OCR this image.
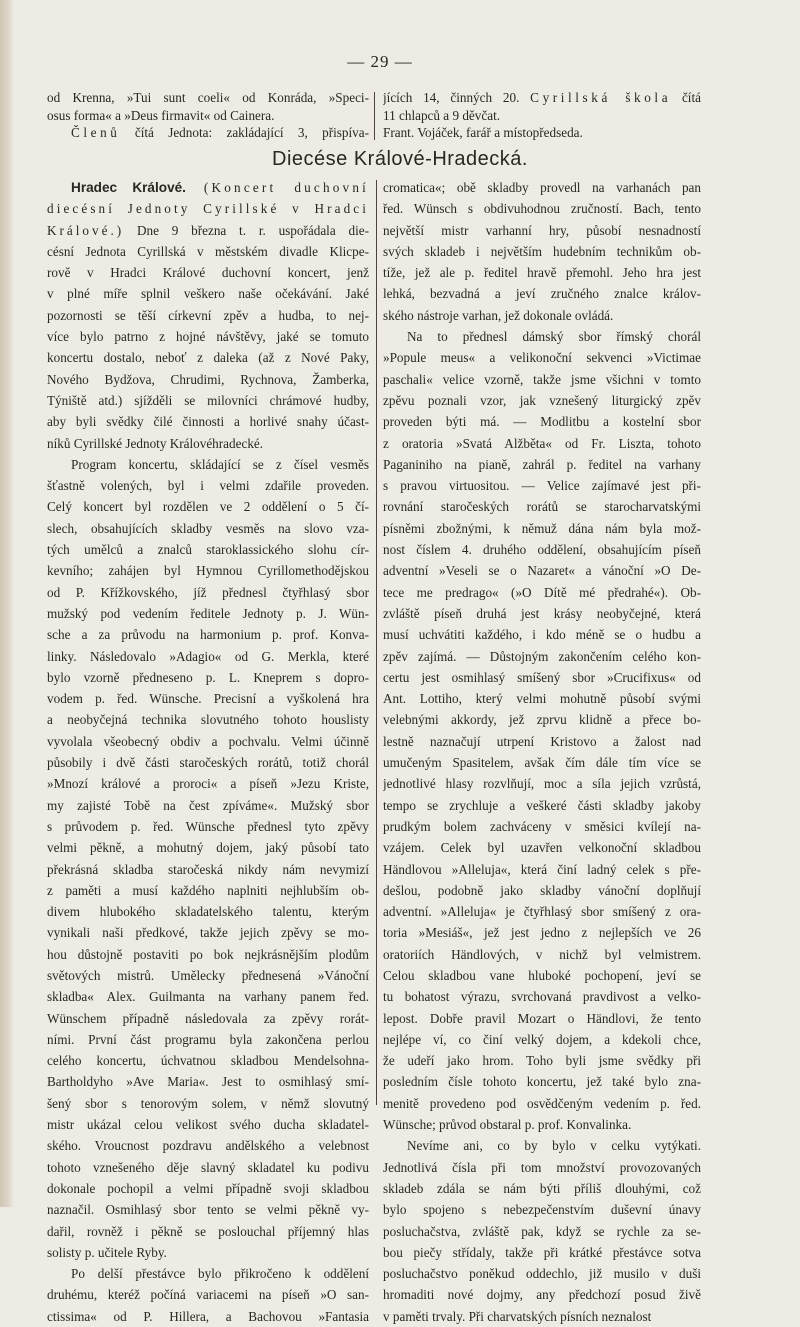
— 29 —
od Krenna, »Tui sunt coeli« od Konráda, »Speci-
osus forma« a »Deus firmavit« od Cainera.
Členů čítá Jednota: zakládající 3, přispíva-
jících 14, činných 20. Cyrillská škola čítá
11 chlapců a 9 děvčat.
Frant. Vojáček, farář a místopředseda.
Diecése Králové-Hradecká.
Hradec Králové. (Koncert duchovní
diecésní Jednoty Cyrillské v Hradci
Králové.) Dne 9 března t. r. uspořádala die-
césní Jednota Cyrillská v městském divadle Klicpe-
rově v Hradci Králové duchovní koncert, jenž
v plné míře splnil veškero naše očekávání. Jaké
pozornosti se těší církevní zpěv a hudba, to nej-
více bylo patrno z hojné návštěvy, jaké se tomuto
koncertu dostalo, neboť z daleka (až z Nové Paky,
Nového Bydžova, Chrudimi, Rychnova, Žamberka,
Týniště atd.) sjížděli se milovníci chrámové hudby,
aby byli svědky čilé činnosti a horlivé snahy účast-
níků Cyrillské Jednoty Královéhradecké.
Program koncertu, skládající se z čísel vesměs
šťastně volených, byl i velmi zdařile proveden.
Celý koncert byl rozdělen ve 2 oddělení o 5 čí-
slech, obsahujících skladby vesměs na slovo vza-
tých umělců a znalců staroklassického slohu cír-
kevního; zahájen byl Hymnou Cyrillomethodějskou
od P. Křížkovského, jíž přednesl čtyřhlasý sbor
mužský pod vedením ředitele Jednoty p. J. Wün-
sche a za průvodu na harmonium p. prof. Konva-
linky. Následovalo »Adagio« od G. Merkla, které
bylo vzorně předneseno p. L. Kneprem s dopro-
vodem p. řed. Wünsche. Precisní a vyškolená hra
a neobyčejná technika slovutného tohoto houslisty
vyvolala všeobecný obdiv a pochvalu. Velmi účinně
působily i dvě části staročeských rorátů, totiž chorál
»Mnozí králové a proroci« a píseň »Jezu Kriste,
my zajisté Tobě na čest zpíváme«. Mužský sbor
s průvodem p. řed. Wünsche přednesl tyto zpěvy
velmi pěkně, a mohutný dojem, jaký působí tato
překrásná skladba staročeská nikdy nám nevymizí
z paměti a musí každého naplniti nejhlubším ob-
divem hlubokého skladatelského talentu, kterým
vynikali naši předkové, takže jejich zpěvy se mo-
hou důstojně postaviti po bok nejkrásnějším plodům
světových mistrů. Umělecky přednesená »Vánoční
skladba« Alex. Guilmanta na varhany panem řed.
Wünschem případně následovala za zpěvy rorát-
ními. První část programu byla zakončena perlou
celého koncertu, úchvatnou skladbou Mendelsohna-
Bartholdyho »Ave Maria«. Jest to osmihlasý smí-
šený sbor s tenorovým solem, v němž slovutný
mistr ukázal celou velikost svého ducha skladatel-
ského. Vroucnost pozdravu andělského a velebnost
tohoto vznešeného děje slavný skladatel ku podivu
dokonale pochopil a velmi případně svoji skladbou
naznačil. Osmihlasý sbor tento se velmi pěkně vy-
dařil, rovněž i pěkně se poslouchal příjemný hlas
solisty p. učitele Ryby.
Po delší přestávce bylo přikročeno k oddělení
druhému, kteréž počíná variacemi na píseň »O san-
ctissima« od P. Hillera, a Bachovou »Fantasia
cromatica«; obě skladby provedl na varhanách pan
řed. Wünsch s obdivuhodnou zručností. Bach, tento
největší mistr varhanní hry, působí nesnadností
svých skladeb i největším hudebním technikům ob-
tíže, jež ale p. ředitel hravě přemohl. Jeho hra jest
lehká, bezvadná a jeví zručného znalce králov-
ského nástroje varhan, jež dokonale ovládá.
Na to přednesl dámský sbor římský chorál
»Popule meus« a velikonoční sekvenci »Victimae
paschali« velice vzorně, takže jsme všichni v tomto
zpěvu poznali vzor, jak vznešený liturgický zpěv
proveden býti má. — Modlitbu a kostelní sbor
z oratoria »Svatá Alžběta« od Fr. Liszta, tohoto
Paganiniho na pianě, zahrál p. ředitel na varhany
s pravou virtuositou. — Velice zajímavé jest při-
rovnání staročeských rorátů se starocharvatskými
písněmi zbožnými, k němuž dána nám byla mož-
nost číslem 4. druhého oddělení, obsahujícím píseň
adventní »Veseli se o Nazaret« a vánoční »O De-
tece me predrago« (»O Dítě mé předrahé«). Ob-
zvláště píseň druhá jest krásy neobyčejné, která
musí uchvátiti každého, i kdo méně se o hudbu a
zpěv zajímá. — Důstojným zakončením celého kon-
certu jest osmihlasý smíšený sbor »Crucifixus« od
Ant. Lottiho, který velmi mohutně působí svými
velebnými akkordy, jež zprvu klidně a přece bo-
lestně naznačují utrpení Kristovo a žalost nad
umučeným Spasitelem, avšak čím dále tím více se
jednotlivé hlasy rozvlňují, moc a síla jejich vzrůstá,
tempo se zrychluje a veškeré části skladby jakoby
prudkým bolem zachváceny v směsici kvílejí na-
vzájem. Celek byl uzavřen velkonoční skladbou
Händlovou »Alleluja«, která činí ladný celek s pře-
dešlou, podobně jako skladby vánoční doplňují
adventní. »Alleluja« je čtyřhlasý sbor smíšený z ora-
toria »Mesiáš«, jež jest jedno z nejlepších ve 26
oratoriích Händlových, v nichž byl velmistrem.
Celou skladbou vane hluboké pochopení, jeví se
tu bohatost výrazu, svrchovaná pravdivost a velko-
lepost. Dobře pravil Mozart o Händlovi, že tento
nejlépe ví, co činí velký dojem, a kdekoli chce,
že udeří jako hrom. Toho byli jsme svědky při
posledním čísle tohoto koncertu, jež také bylo zna-
menitě provedeno pod osvědčeným vedením p. řed.
Wünsche; průvod obstaral p. prof. Konvalinka.
Nevíme ani, co by bylo v celku vytýkati.
Jednotlivá čísla při tom množství provozovaných
skladeb zdála se nám býti příliš dlouhými, což
bylo spojeno s nebezpečenstvím duševní únavy
posluchačstva, zvláště pak, když se rychle za se-
bou piečy střídaly, takže při krátké přestávce sotva
posluchačstvo poněkud oddechlo, již musilo v duši
hromaditi nové dojmy, any předchozí posud živě
v paměti trvaly. Při charvatských písních neznalost
